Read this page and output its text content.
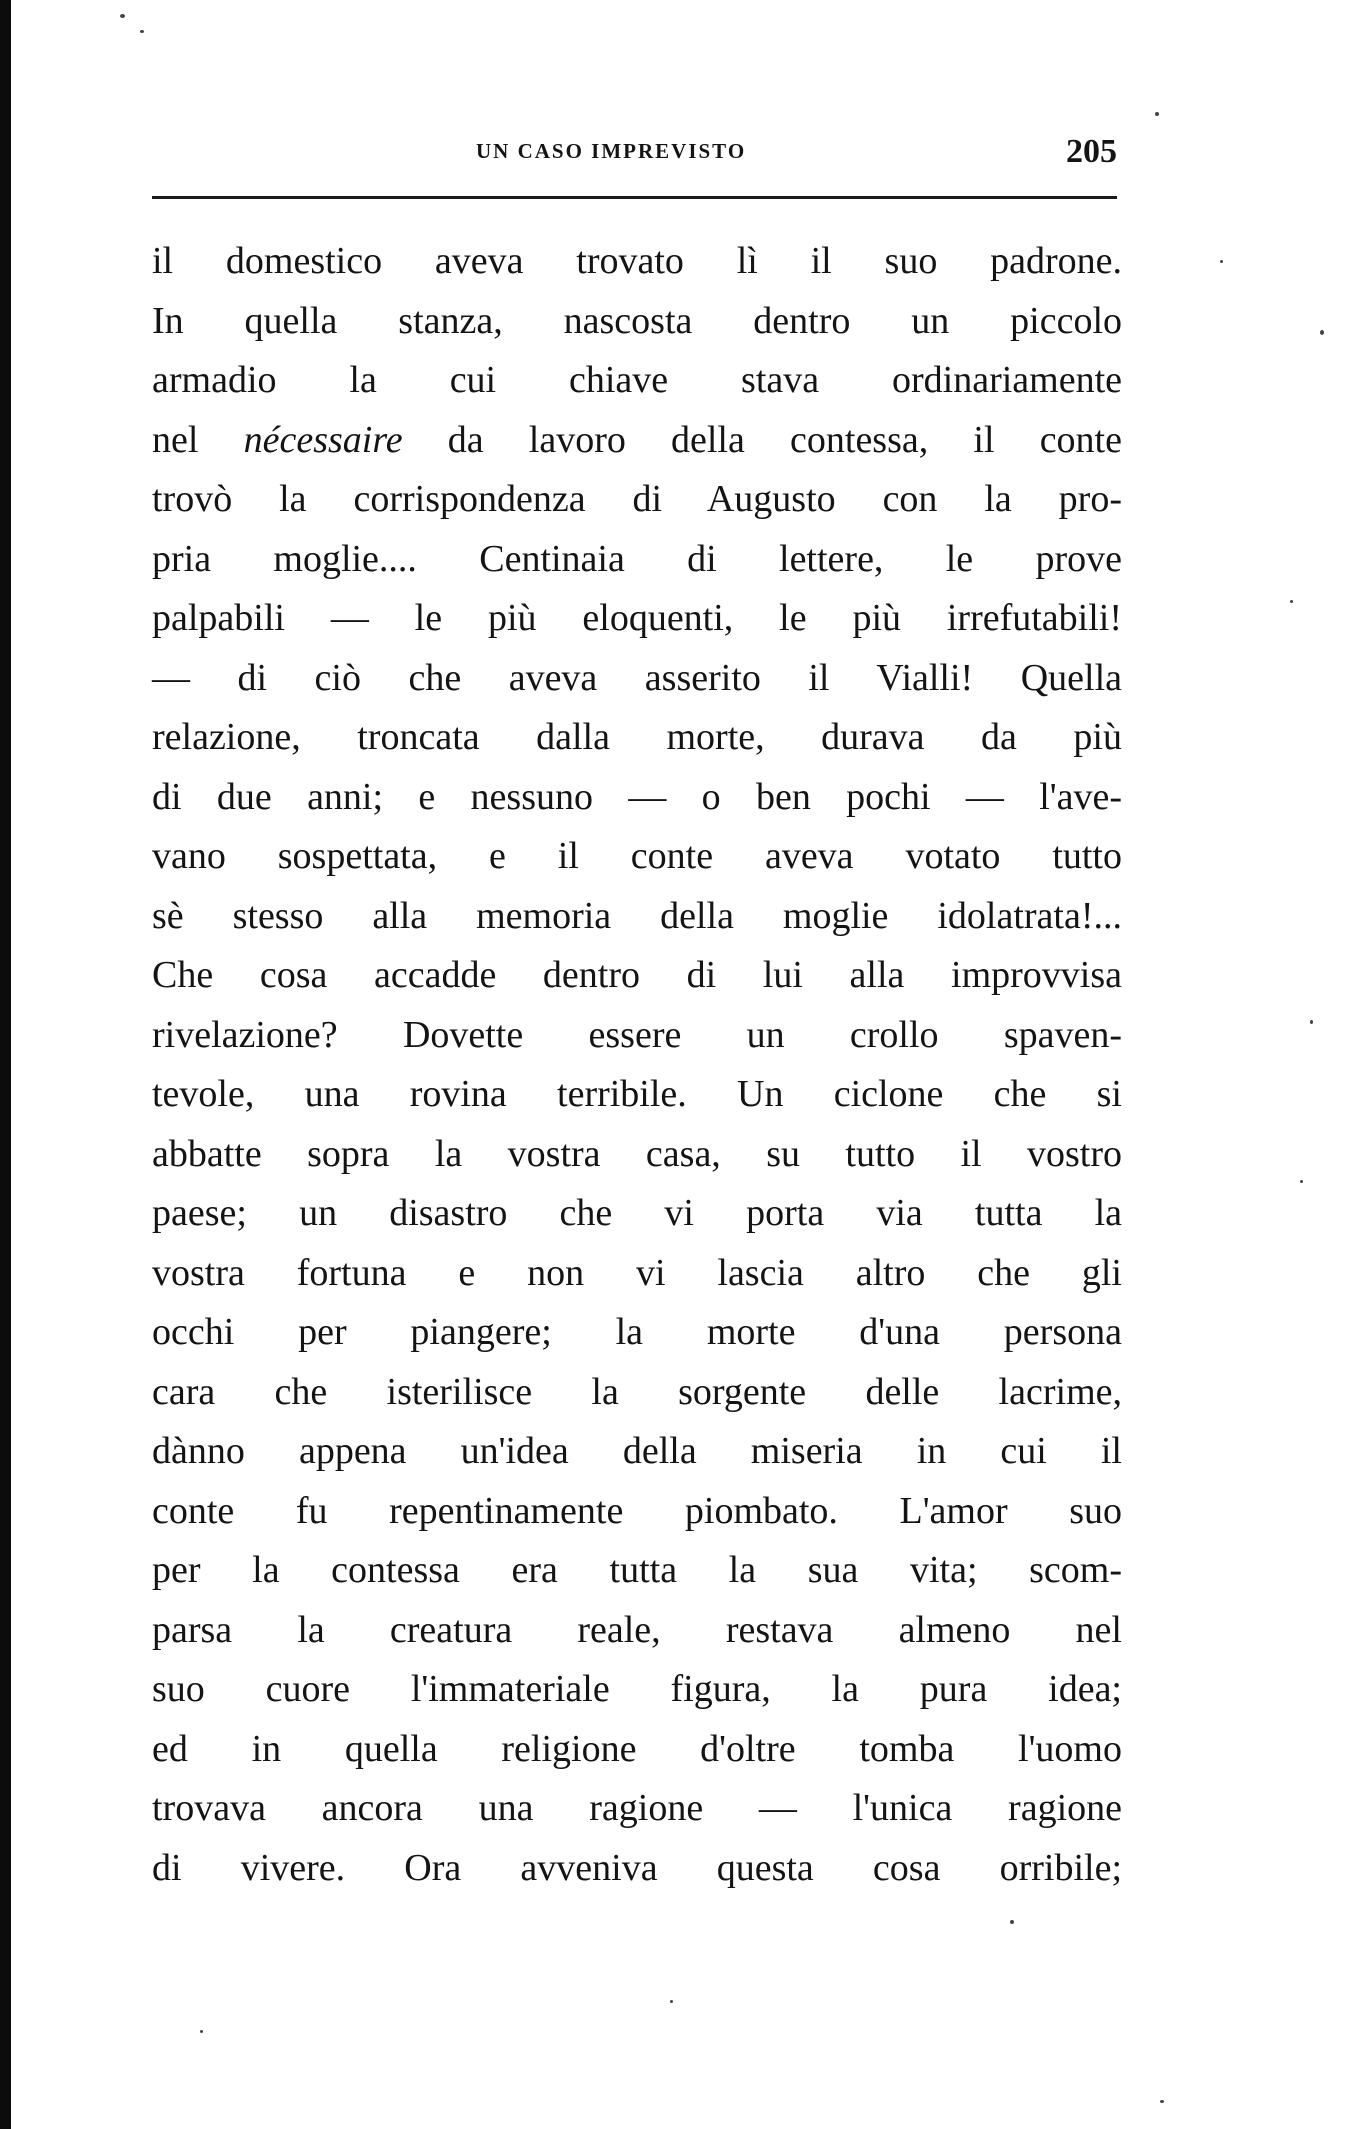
UN CASO IMPREVISTO	205
il domestico aveva trovato lì il suo padrone.
In quella stanza, nascosta dentro un piccolo
armadio la cui chiave stava ordinariamente
nel nécessaire da lavoro della contessa, il conte
trovò la corrispondenza di Augusto con la pro-
pria moglie.... Centinaia di lettere, le prove
palpabili — le più eloquenti, le più irrefutabili!
— di ciò che aveva asserito il Vialli! Quella
relazione, troncata dalla morte, durava da più
di due anni; e nessuno — o ben pochi — l'ave-
vano sospettata, e il conte aveva votato tutto
sè stesso alla memoria della moglie idolatrata!...
Che cosa accadde dentro di lui alla improvvisa
rivelazione? Dovette essere un crollo spaven-
tevole, una rovina terribile. Un ciclone che si
abbatte sopra la vostra casa, su tutto il vostro
paese; un disastro che vi porta via tutta la
vostra fortuna e non vi lascia altro che gli
occhi per piangere; la morte d'una persona
cara che isterilisce la sorgente delle lacrime,
dànno appena un'idea della miseria in cui il
conte fu repentinamente piombato. L'amor suo
per la contessa era tutta la sua vita; scom-
parsa la creatura reale, restava almeno nel
suo cuore l'immateriale figura, la pura idea;
ed in quella religione d'oltre tomba l'uomo
trovava ancora una ragione — l'unica ragione
di vivere. Ora avveniva questa cosa orribile;
